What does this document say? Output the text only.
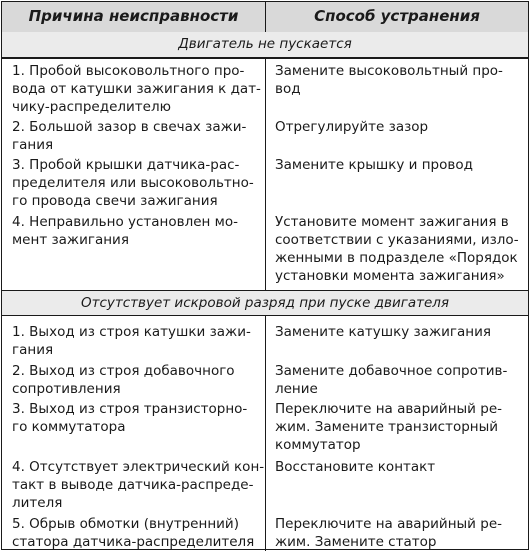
Причина неисправности	Способ устранения
Двигатель не пускается
1. Пробой высоковольтного про-
вода от катушки зажигания к дат-
чику-распределителю
Замените высоковольтный про-
вод
2. Большой зазор в свечах зажи-
гания
Отрегулируйте зазор
3. Пробой крышки датчика-рас-
пределителя или высоковольтно-
го провода свечи зажигания
Замените крышку и провод
4. Неправильно установлен мо-
мент зажигания
Установите момент зажигания в
соответствии с указаниями, изло-
женными в подразделе «Порядок
установки момента зажигания»
Отсутствует искровой разряд при пуске двигателя
1. Выход из строя катушки зажи-
гания
Замените катушку зажигания
2. Выход из строя добавочного
сопротивления
Замените добавочное сопротив-
ление
3. Выход из строя транзисторно-
го коммутатора
Переключите на аварийный ре-
жим. Замените транзисторный
коммутатор
4. Отсутствует электрический кон-
такт в выводе датчика-распреде-
лителя
Восстановите контакт
5. Обрыв обмотки (внутренний)
статора датчика-распределителя
Переключите на аварийный ре-
жим. Замените статор
